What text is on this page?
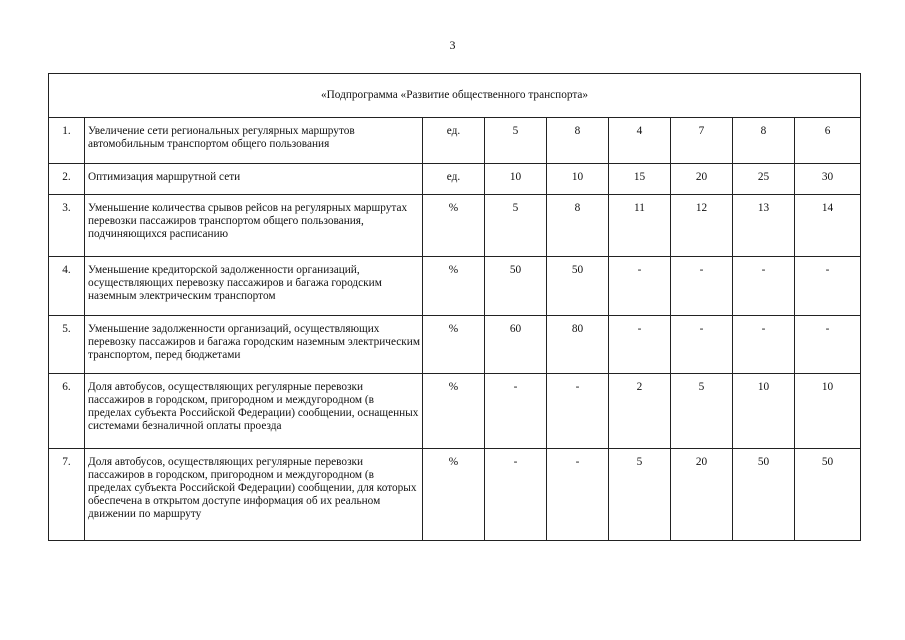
3
«Подпрограмма «Развитие общественного транспорта»								
1.	Увеличение сети региональных регулярных маршрутов автомобильным транспортом общего пользования	ед.	5	8	4	7	8	6
2.	Оптимизация маршрутной сети	ед.	10	10	15	20	25	30
3.	Уменьшение количества срывов рейсов на регулярных маршрутах перевозки пассажиров транспортом общего пользования, подчиняющихся расписанию	%	5	8	11	12	13	14
4.	Уменьшение кредиторской задолженности организаций, осуществляющих перевозку пассажиров и багажа городским наземным электрическим транспортом	%	50	50	-	-	-	-
5.	Уменьшение задолженности организаций, осуществляющих перевозку пассажиров и багажа городским наземным электрическим транспортом, перед бюджетами	%	60	80	-	-	-	-
6.	Доля автобусов, осуществляющих регулярные перевозки пассажиров в городском, пригородном и междугородном (в пределах субъекта Российской Федерации) сообщении, оснащенных системами безналичной оплаты проезда	%	-	-	2	5	10	10
7.	Доля автобусов, осуществляющих регулярные перевозки пассажиров в городском, пригородном и междугородном (в пределах субъекта Российской Федерации) сообщении, для которых обеспечена в открытом доступе информация об их реальном движении по маршруту	%	-	-	5	20	50	50
